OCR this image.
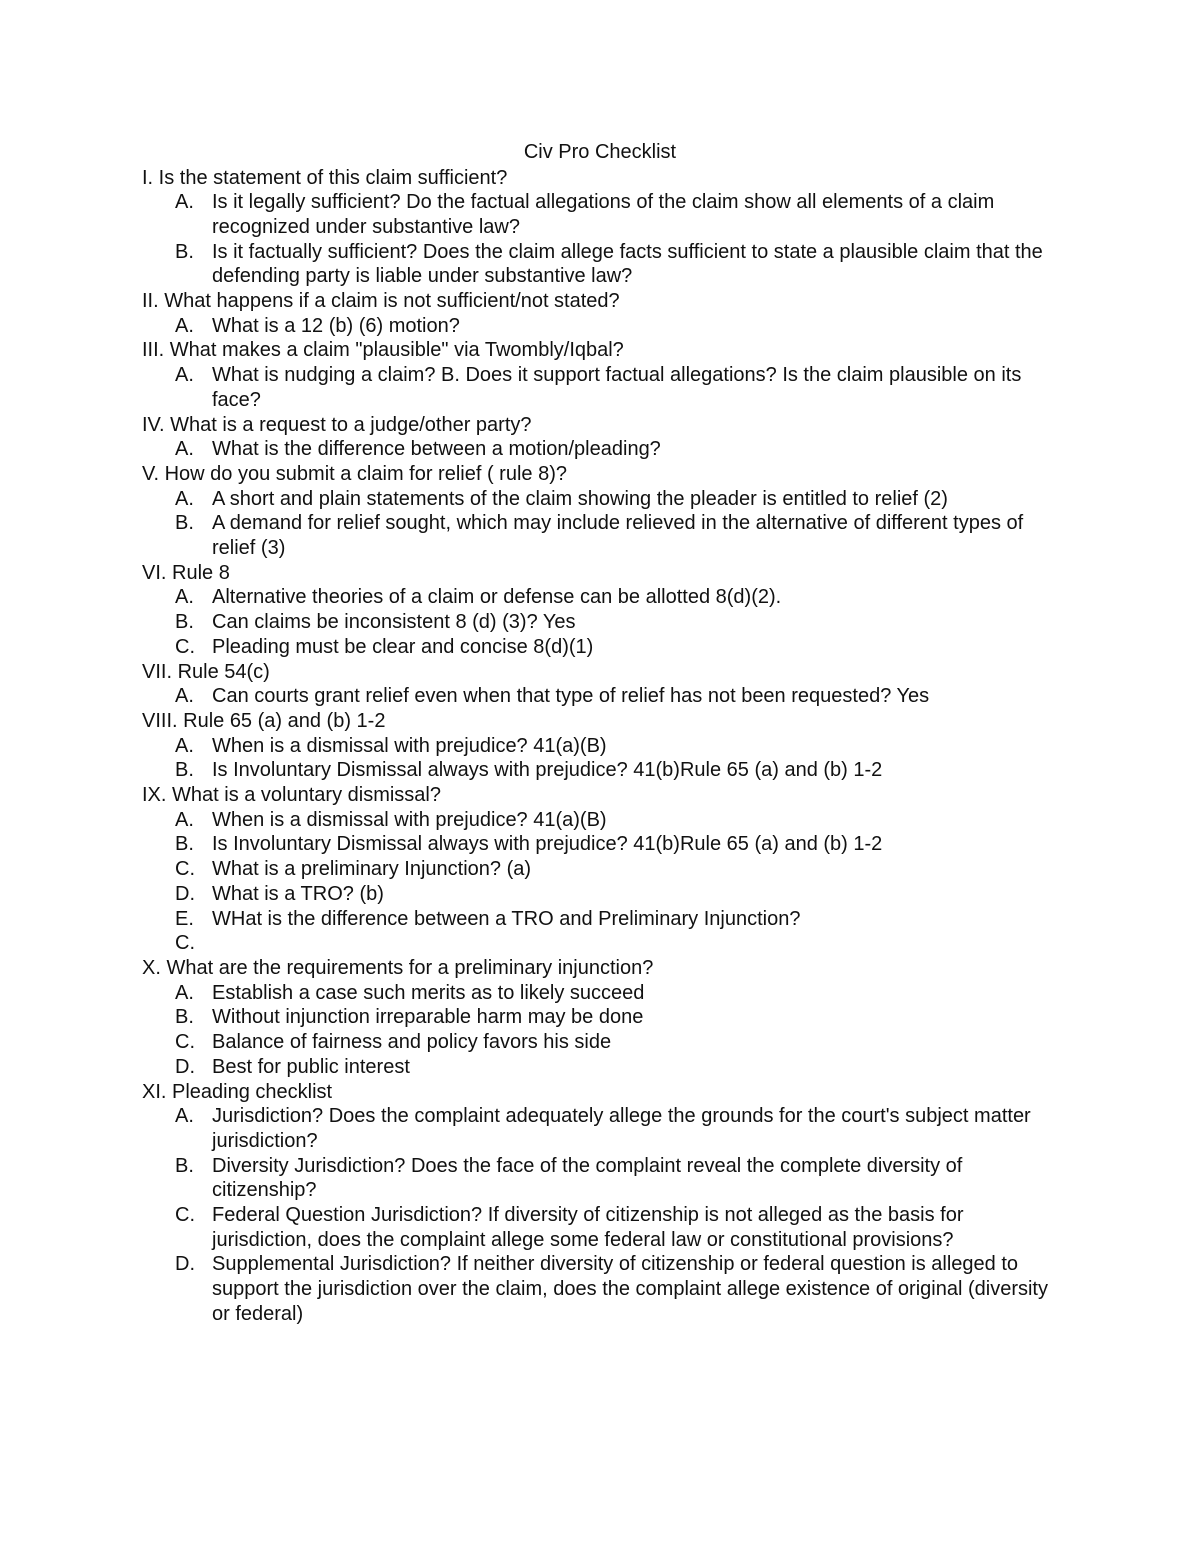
Civ Pro Checklist
I. Is the statement of this claim sufficient?
A. Is it legally sufficient? Do the factual allegations of the claim show all elements of a claim recognized under substantive law?
B. Is it factually sufficient? Does the claim allege facts sufficient to state a plausible claim that the defending party is liable under substantive law?
II. What happens if a claim is not sufficient/not stated?
A. What is a 12 (b) (6) motion?
III. What makes a claim "plausible" via Twombly/Iqbal?
A. What is nudging a claim? B. Does it support factual allegations? Is the claim plausible on its face?
IV. What is a request to a judge/other party?
A. What is the difference between a motion/pleading?
V. How do you submit a claim for relief ( rule 8)?
A. A short and plain statements of the claim showing the pleader is entitled to relief (2)
B. A demand for relief sought, which may include relieved in the alternative of different types of relief (3)
VI. Rule 8
A. Alternative theories of a claim or defense can be allotted 8(d)(2).
B. Can claims be inconsistent 8 (d) (3)? Yes
C. Pleading must be clear and concise 8(d)(1)
VII. Rule 54(c)
A. Can courts grant relief even when that type of relief has not been requested? Yes
VIII. Rule 65 (a) and (b) 1-2
A. When is a dismissal with prejudice? 41(a)(B)
B. Is Involuntary Dismissal always with prejudice? 41(b)Rule 65 (a) and (b) 1-2
IX. What is a voluntary dismissal?
A. When is a dismissal with prejudice? 41(a)(B)
B. Is Involuntary Dismissal always with prejudice? 41(b)Rule 65 (a) and (b) 1-2
C. What is a preliminary Injunction? (a)
D. What is a TRO? (b)
E. WHat is the difference between a TRO and Preliminary Injunction?
C.

X. What are the requirements for a preliminary injunction?
A. Establish a case such merits as to likely succeed
B. Without injunction irreparable harm may be done
C. Balance of fairness and policy favors his side
D. Best for public interest
XI. Pleading checklist
A. Jurisdiction? Does the complaint adequately allege the grounds for the court's subject matter jurisdiction?
B. Diversity Jurisdiction? Does the face of the complaint reveal the complete diversity of citizenship?
C. Federal Question Jurisdiction? If diversity of citizenship is not alleged as the basis for jurisdiction, does the complaint allege some federal law or constitutional provisions?
D. Supplemental Jurisdiction? If neither diversity of citizenship or federal question is alleged to support the jurisdiction over the claim, does the complaint allege existence of original (diversity or federal)
